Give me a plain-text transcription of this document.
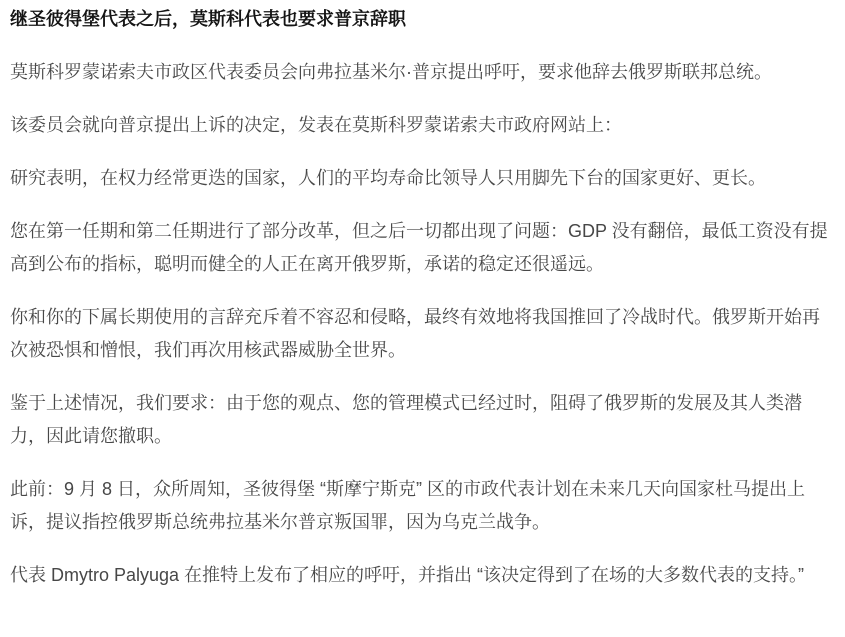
继圣彼得堡代表之后，莫斯科代表也要求普京辞职

莫斯科罗蒙诺索夫市政区代表委员会向弗拉基米尔·普京提出呼吁，要求他辞去俄罗斯联邦总统。

该委员会就向普京提出上诉的决定，发表在莫斯科罗蒙诺索夫市政府网站上：

研究表明，在权力经常更迭的国家，人们的平均寿命比领导人只用脚先下台的国家更好、更长。

您在第一任期和第二任期进行了部分改革，但之后一切都出现了问题：GDP 没有翻倍，最低工资没有提高到公布的指标，聪明而健全的人正在离开俄罗斯，承诺的稳定还很遥远。

你和你的下属长期使用的言辞充斥着不容忍和侵略，最终有效地将我国推回了冷战时代。俄罗斯开始再次被恐惧和憎恨，我们再次用核武器威胁全世界。

鉴于上述情况，我们要求：由于您的观点、您的管理模式已经过时，阻碍了俄罗斯的发展及其人类潜力，因此请您撤职。

此前：9 月 8 日，众所周知，圣彼得堡 “斯摩宁斯克” 区的市政代表计划在未来几天向国家杜马提出上诉，提议指控俄罗斯总统弗拉基米尔普京叛国罪，因为乌克兰战争。

代表 Dmytro Palyuga 在推特上发布了相应的呼吁，并指出 “该决定得到了在场的大多数代表的支持。”
